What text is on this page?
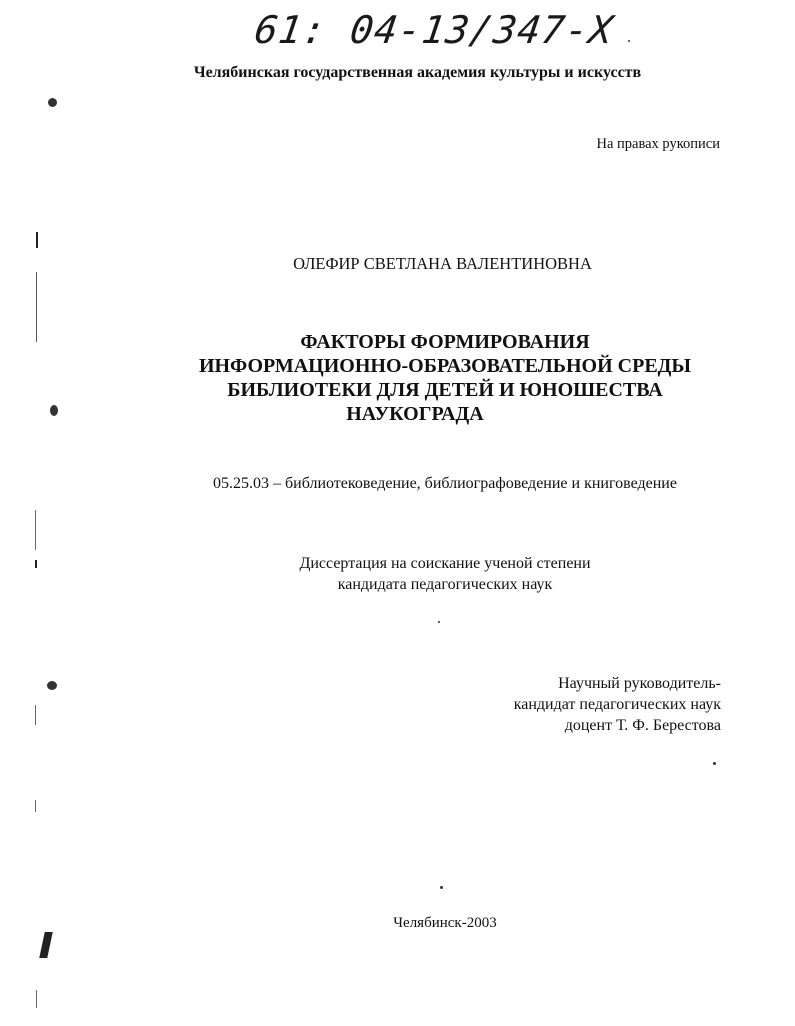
61: 04-13/347-X
Челябинская государственная академия культуры и искусств
На правах рукописи
ОЛЕФИР СВЕТЛАНА ВАЛЕНТИНОВНА
ФАКТОРЫ ФОРМИРОВАНИЯ
ИНФОРМАЦИОННО-ОБРАЗОВАТЕЛЬНОЙ СРЕДЫ
БИБЛИОТЕКИ ДЛЯ ДЕТЕЙ И ЮНОШЕСТВА
НАУКОГРАДА
05.25.03 – библиотековедение, библиографоведение и книговедение
Диссертация на соискание ученой степени
кандидата педагогических наук
Научный руководитель-
кандидат педагогических наук
доцент Т. Ф. Берестова
Челябинск-2003
